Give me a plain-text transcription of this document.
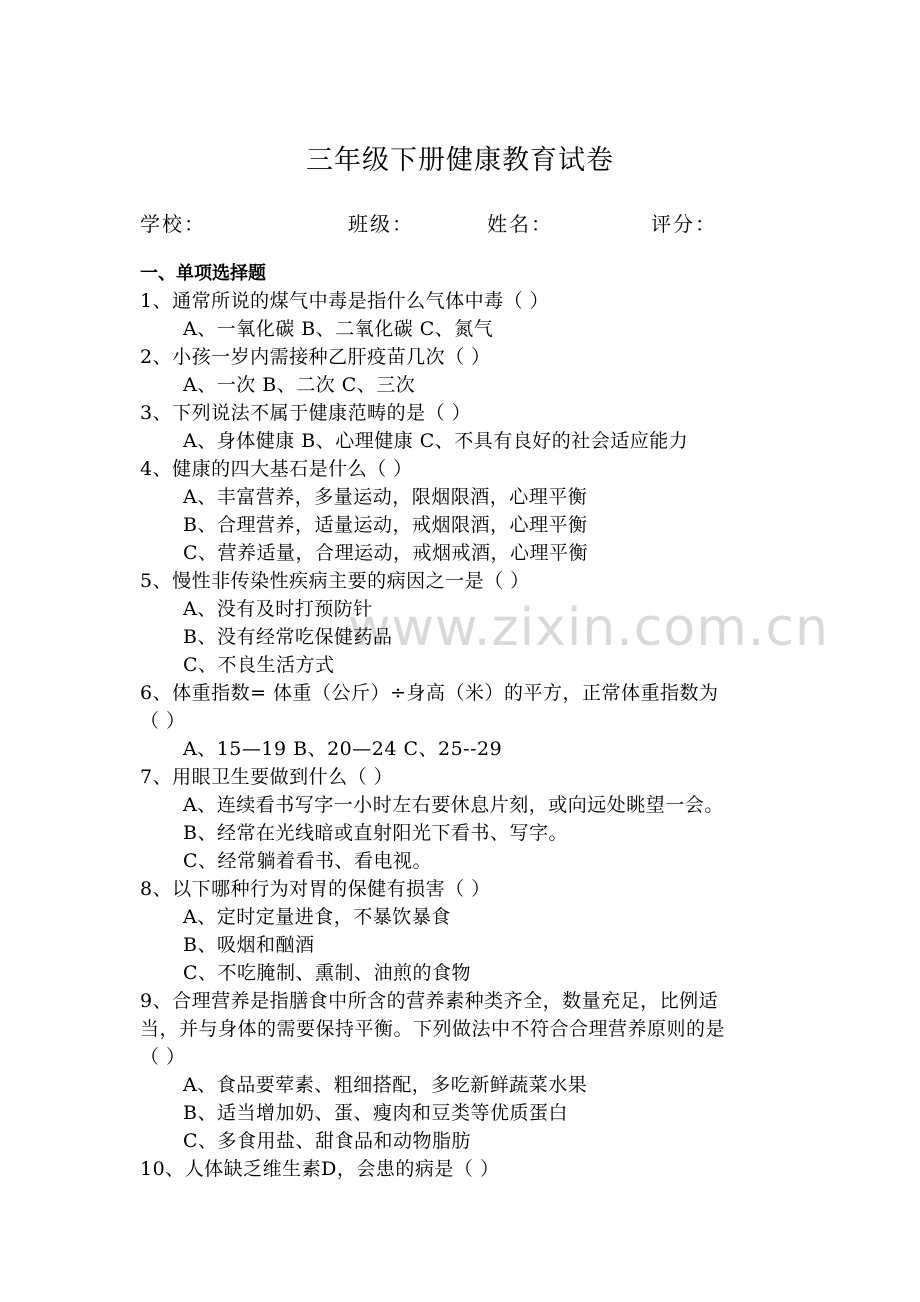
三年级下册健康教育试卷
学校：	班级：	姓名：	评分：
一、单项选择题
www.zixin.com.cn
1、通常所说的煤气中毒是指什么气体中毒（ ）
A、一氧化碳 B、二氧化碳 C、氮气
2、小孩一岁内需接种乙肝疫苗几次（ ）
A、一次 B、二次 C、三次
3、下列说法不属于健康范畴的是（ ）
A、身体健康 B、心理健康 C、不具有良好的社会适应能力
4、健康的四大基石是什么（ ）
A、丰富营养，多量运动，限烟限酒，心理平衡
B、合理营养，适量运动，戒烟限酒，心理平衡
C、营养适量，合理运动，戒烟戒酒，心理平衡
5、慢性非传染性疾病主要的病因之一是（ ）
A、没有及时打预防针
B、没有经常吃保健药品
C、不良生活方式
6、体重指数= 体重（公斤）÷身高（米）的平方，正常体重指数为
（ ）
A、15—19 B、20—24 C、25--29
7、用眼卫生要做到什么（ ）
A、连续看书写字一小时左右要休息片刻，或向远处眺望一会。
B、经常在光线暗或直射阳光下看书、写字。
C、经常躺着看书、看电视。
8、以下哪种行为对胃的保健有损害（ ）
A、定时定量进食，不暴饮暴食
B、吸烟和酗酒
C、不吃腌制、熏制、油煎的食物
9、合理营养是指膳食中所含的营养素种类齐全，数量充足，比例适
当，并与身体的需要保持平衡。下列做法中不符合合理营养原则的是
（ ）
A、食品要荤素、粗细搭配，多吃新鲜蔬菜水果
B、适当增加奶、蛋、瘦肉和豆类等优质蛋白
C、多食用盐、甜食品和动物脂肪
10、人体缺乏维生素D，会患的病是（ ）
